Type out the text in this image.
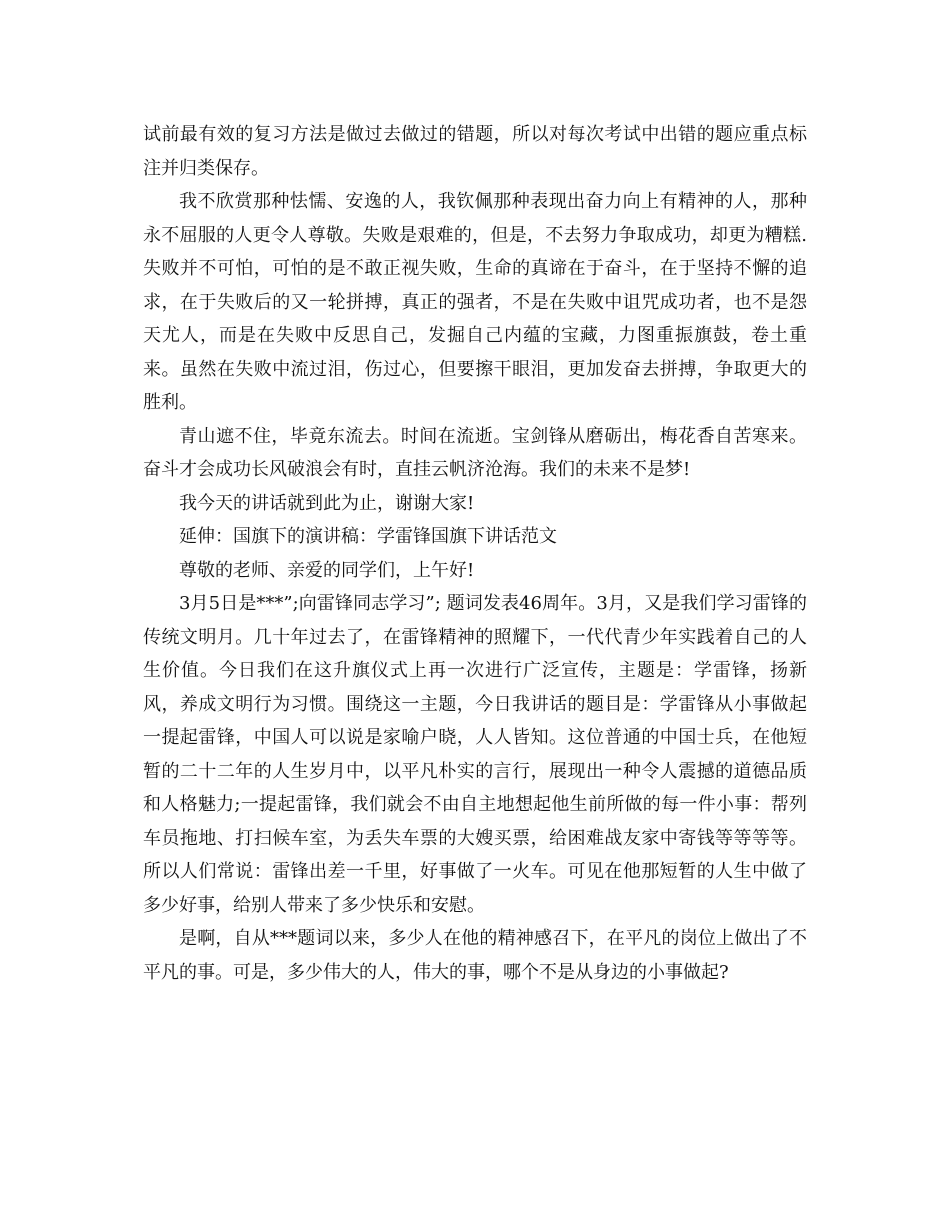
试前最有效的复习方法是做过去做过的错题，所以对每次考试中出错的题应重点标注并归类保存。

我不欣赏那种怯懦、安逸的人，我钦佩那种表现出奋力向上有精神的人，那种永不屈服的人更令人尊敬。失败是艰难的，但是，不去努力争取成功，却更为糟糕.失败并不可怕，可怕的是不敢正视失败，生命的真谛在于奋斗，在于坚持不懈的追求，在于失败后的又一轮拼搏，真正的强者，不是在失败中诅咒成功者，也不是怨天尤人，而是在失败中反思自己，发掘自己内蕴的宝藏，力图重振旗鼓，卷土重来。虽然在失败中流过泪，伤过心，但要擦干眼泪，更加发奋去拼搏，争取更大的胜利。

青山遮不住，毕竟东流去。时间在流逝。宝剑锋从磨砺出，梅花香自苦寒来。奋斗才会成功长风破浪会有时，直挂云帆济沧海。我们的未来不是梦!

我今天的讲话就到此为止，谢谢大家!

延伸：国旗下的演讲稿：学雷锋国旗下讲话范文

尊敬的老师、亲爱的同学们，上午好!

3月5日是***”;向雷锋同志学习”; 题词发表46周年。3月，又是我们学习雷锋的传统文明月。几十年过去了，在雷锋精神的照耀下，一代代青少年实践着自己的人生价值。今日我们在这升旗仪式上再一次进行广泛宣传，主题是：学雷锋，扬新风，养成文明行为习惯。围绕这一主题，今日我讲话的题目是：学雷锋从小事做起一提起雷锋，中国人可以说是家喻户晓，人人皆知。这位普通的中国士兵，在他短暂的二十二年的人生岁月中，以平凡朴实的言行，展现出一种令人震撼的道德品质和人格魅力;一提起雷锋，我们就会不由自主地想起他生前所做的每一件小事：帮列车员拖地、打扫候车室，为丢失车票的大嫂买票，给困难战友家中寄钱等等等等。所以人们常说：雷锋出差一千里，好事做了一火车。可见在他那短暂的人生中做了多少好事，给别人带来了多少快乐和安慰。

是啊，自从***题词以来，多少人在他的精神感召下，在平凡的岗位上做出了不平凡的事。可是，多少伟大的人，伟大的事，哪个不是从身边的小事做起?
